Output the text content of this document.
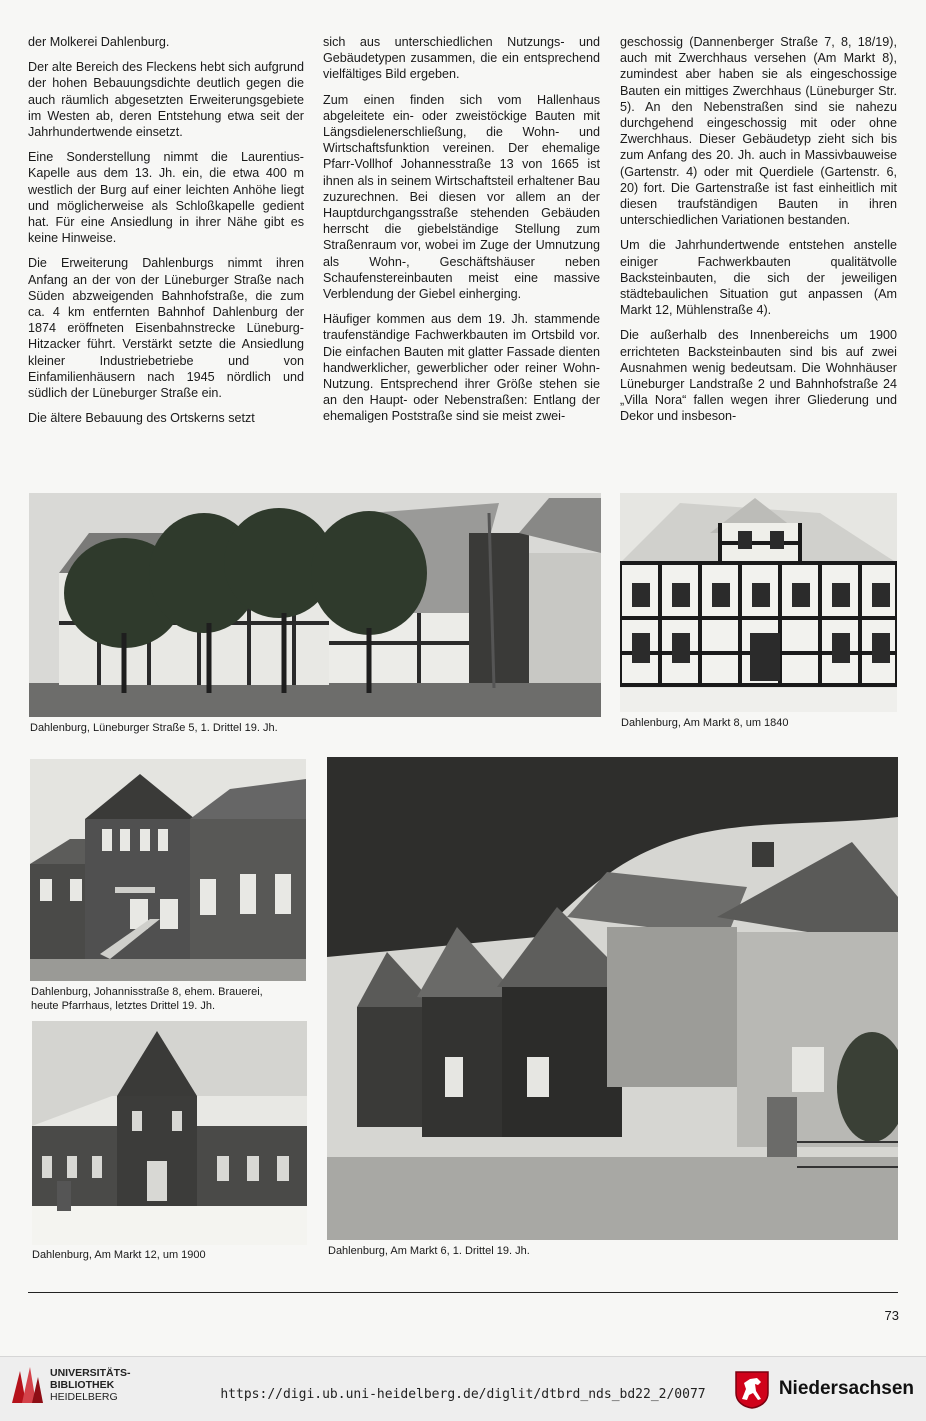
der Molkerei Dahlenburg.

Der alte Bereich des Fleckens hebt sich aufgrund der hohen Bebauungsdichte deutlich gegen die auch räumlich abgesetzten Erweiterungsgebiete im Westen ab, deren Entstehung etwa seit der Jahrhundertwende einsetzt.

Eine Sonderstellung nimmt die Laurentius-Kapelle aus dem 13. Jh. ein, die etwa 400 m westlich der Burg auf einer leichten Anhöhe liegt und möglicherweise als Schloßkapelle gedient hat. Für eine Ansiedlung in ihrer Nähe gibt es keine Hinweise.

Die Erweiterung Dahlenburgs nimmt ihren Anfang an der von der Lüneburger Straße nach Süden abzweigenden Bahnhofstraße, die zum ca. 4 km entfernten Bahnhof Dahlenburg der 1874 eröffneten Eisenbahnstrecke Lüneburg-Hitzacker führt. Verstärkt setzte die Ansiedlung kleiner Industriebetriebe und von Einfamilienhäusern nach 1945 nördlich und südlich der Lüneburger Straße ein.

Die ältere Bebauung des Ortskerns setzt

sich aus unterschiedlichen Nutzungs- und Gebäudetypen zusammen, die ein entsprechend vielfältiges Bild ergeben.

Zum einen finden sich vom Hallenhaus abgeleitete ein- oder zweistöckige Bauten mit Längsdielenerschließung, die Wohn- und Wirtschaftsfunktion vereinen. Der ehemalige Pfarr-Vollhof Johannesstraße 13 von 1665 ist ihnen als in seinem Wirtschaftsteil erhaltener Bau zuzurechnen. Bei diesen vor allem an der Hauptdurchgangsstraße stehenden Gebäuden herrscht die giebelständige Stellung zum Straßenraum vor, wobei im Zuge der Umnutzung als Wohn-, Geschäftshäuser neben Schaufenstereinbauten meist eine massive Verblendung der Giebel einherging.

Häufiger kommen aus dem 19. Jh. stammende traufenständige Fachwerkbauten im Ortsbild vor. Die einfachen Bauten mit glatter Fassade dienten handwerklicher, gewerblicher oder reiner Wohn-Nutzung. Entsprechend ihrer Größe stehen sie an den Haupt- oder Nebenstraßen: Entlang der ehemaligen Poststraße sind sie meist zwei-

geschossig (Dannenberger Straße 7, 8, 18/19), auch mit Zwerchhaus versehen (Am Markt 8), zumindest aber haben sie als eingeschossige Bauten ein mittiges Zwerchhaus (Lüneburger Str. 5). An den Nebenstraßen sind sie nahezu durchgehend eingeschossig mit oder ohne Zwerchhaus. Dieser Gebäudetyp zieht sich bis zum Anfang des 20. Jh. auch in Massivbauweise (Gartenstr. 4) oder mit Querdiele (Gartenstr. 6, 20) fort. Die Gartenstraße ist fast einheitlich mit diesen traufständigen Bauten in ihren unterschiedlichen Variationen bestanden.

Um die Jahrhundertwende entstehen anstelle einiger Fachwerkbauten qualitätvolle Backsteinbauten, die sich der jeweiligen städtebaulichen Situation gut anpassen (Am Markt 12, Mühlenstraße 4).

Die außerhalb des Innenbereichs um 1900 errichteten Backsteinbauten sind bis auf zwei Ausnahmen wenig bedeutsam. Die Wohnhäuser Lüneburger Landstraße 2 und Bahnhofstraße 24 „Villa Nora“ fallen wegen ihrer Gliederung und Dekor und insbeson-

Dahlenburg, Lüneburger Straße 5, 1. Drittel 19. Jh.	Dahlenburg, Am Markt 8, um 1840
Dahlenburg, Johannisstraße 8, ehem. Brauerei,
heute Pfarrhaus, letztes Drittel 19. Jh.
Dahlenburg, Am Markt 12, um 1900	Dahlenburg, Am Markt 6, 1. Drittel 19. Jh.
73
UNIVERSITÄTS-
BIBLIOTHEK
HEIDELBERG	https://digi.ub.uni-heidelberg.de/diglit/dtbrd_nds_bd22_2/0077	Niedersachsen
